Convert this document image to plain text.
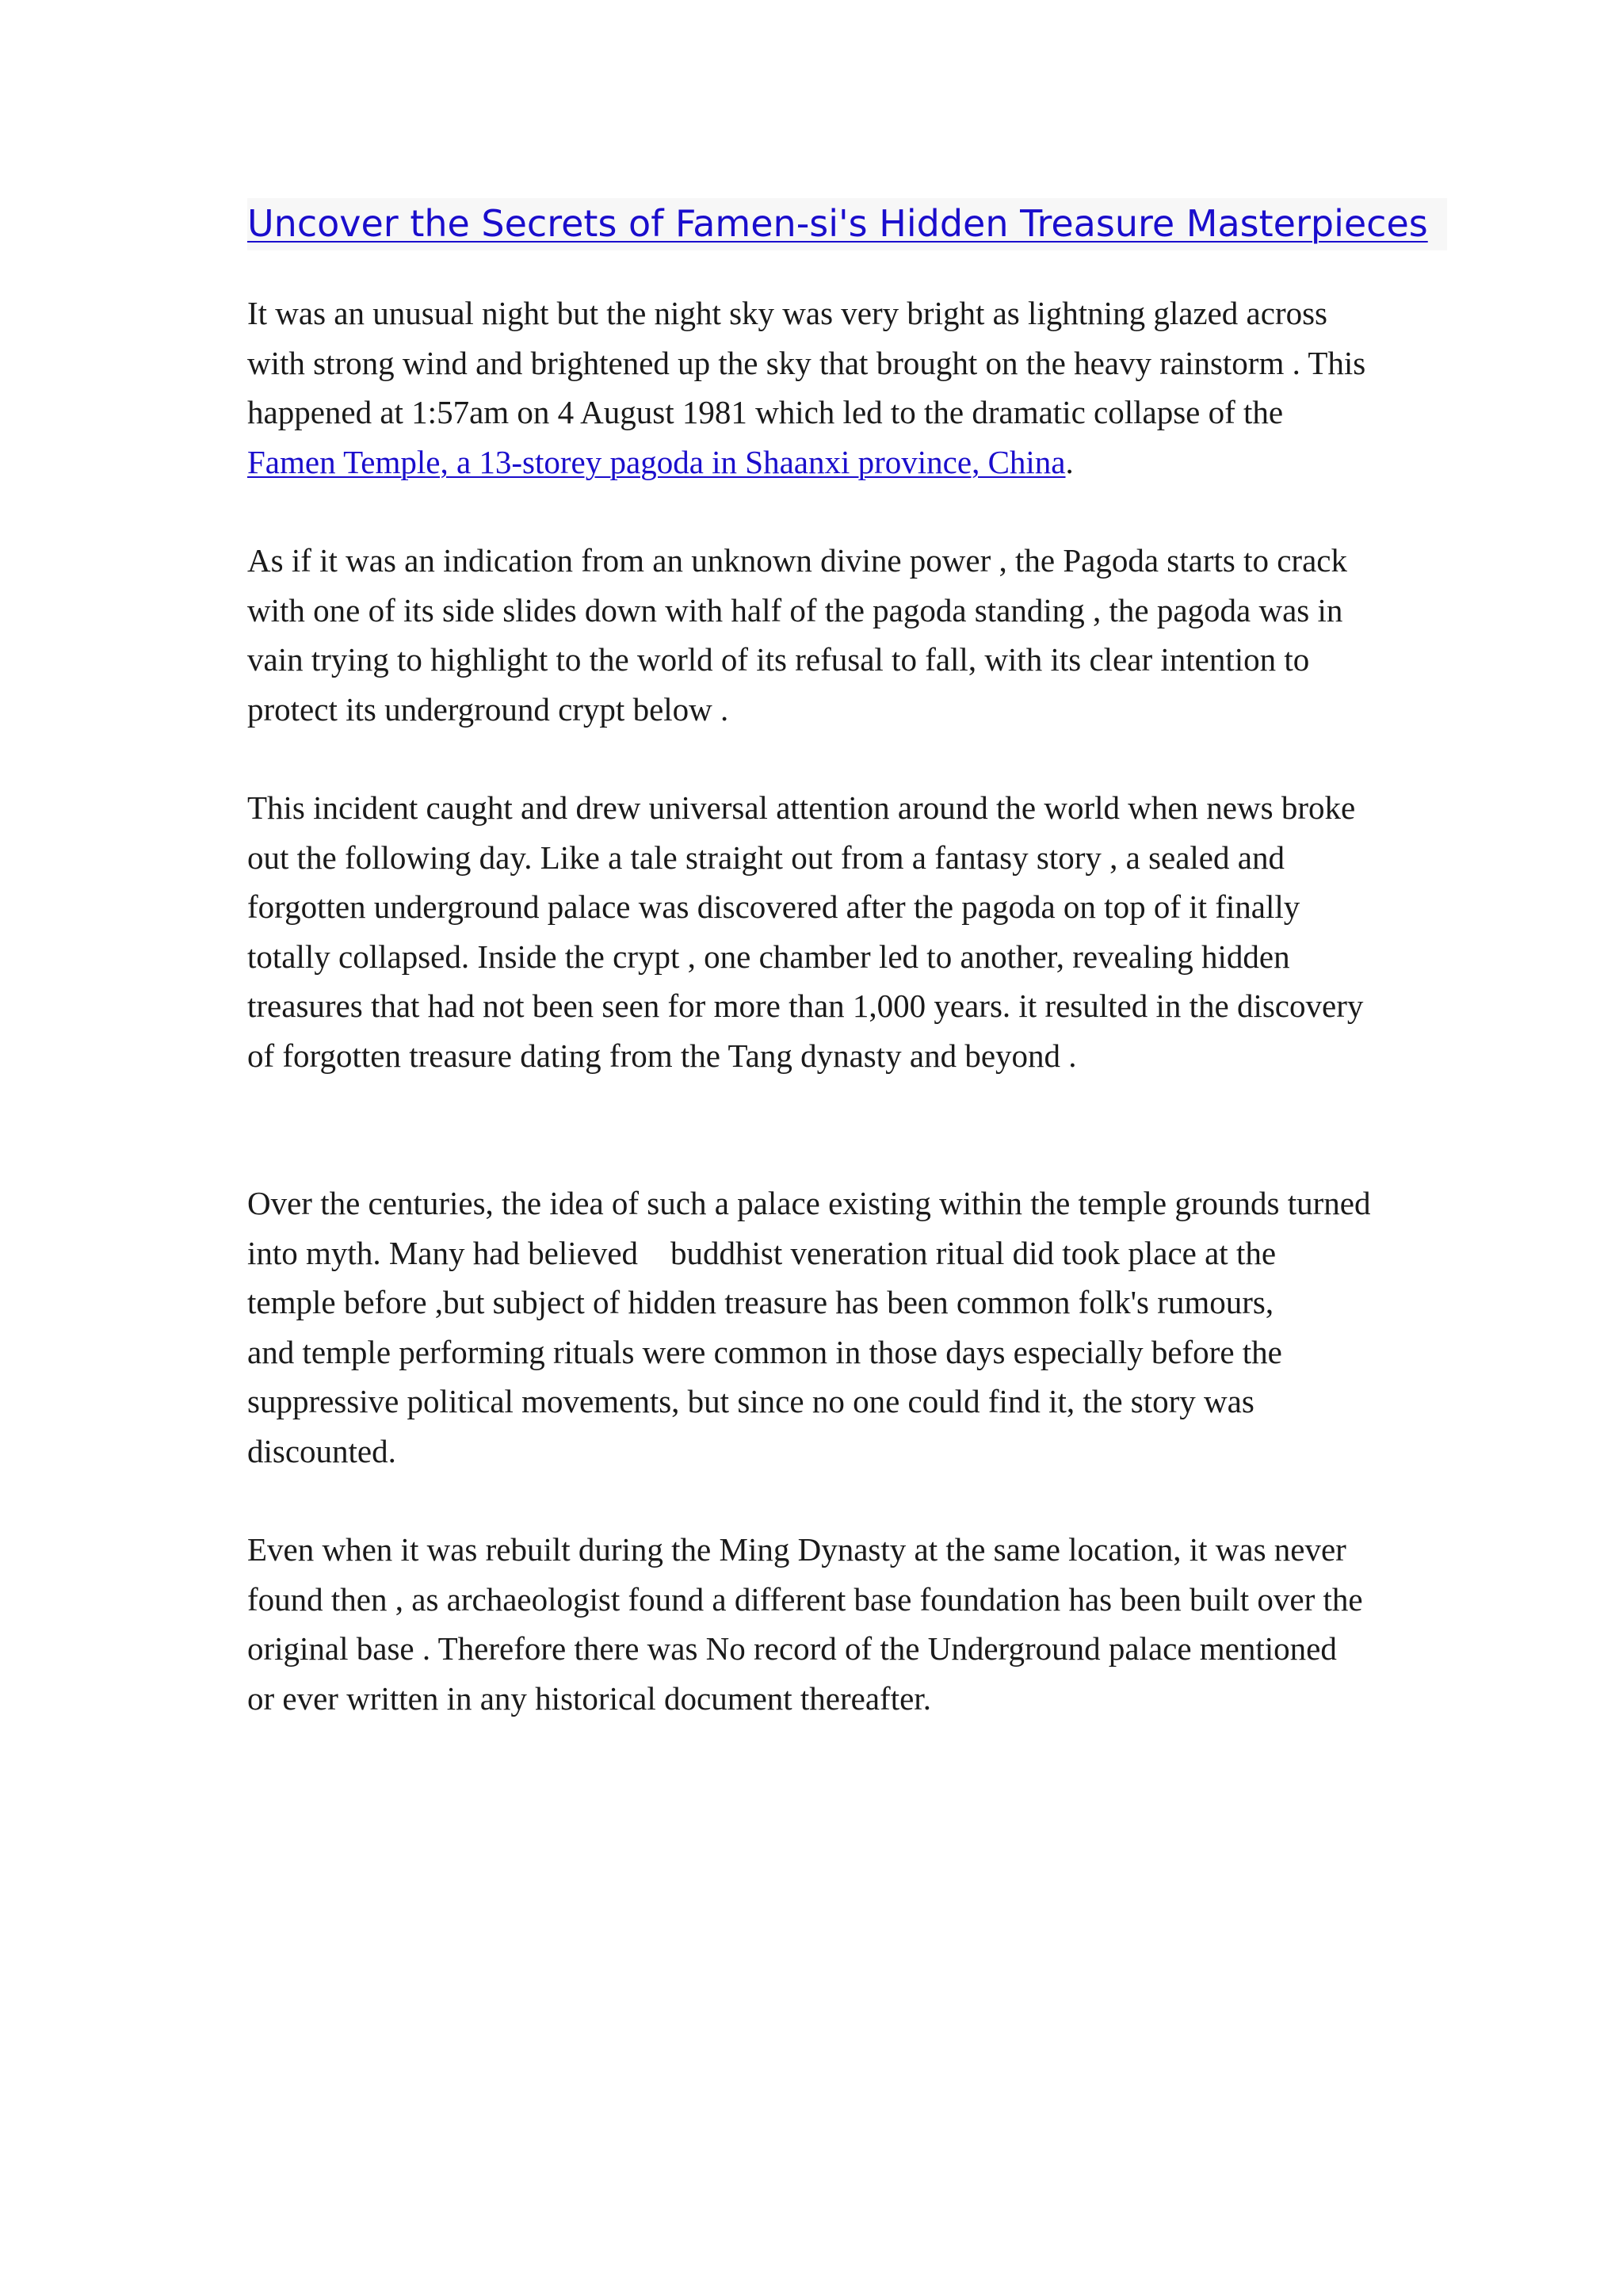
Uncover the Secrets of Famen-si's Hidden Treasure Masterpieces

It was an unusual night but the night sky was very bright as lightning glazed across
with strong wind and brightened up the sky that brought on the heavy rainstorm . This
happened at 1:57am on 4 August 1981 which led to the dramatic collapse of the
Famen Temple, a 13-storey pagoda in Shaanxi province, China.

As if it was an indication from an unknown divine power , the Pagoda starts to crack
with one of its side slides down with half of the pagoda standing , the pagoda was in
vain trying to highlight to the world of its refusal to fall, with its clear intention to
protect its underground crypt below .

This incident caught and drew universal attention around the world when news broke
out the following day. Like a tale straight out from a fantasy story , a sealed and
forgotten underground palace was discovered after the pagoda on top of it finally
totally collapsed. Inside the crypt , one chamber led to another, revealing hidden
treasures that had not been seen for more than 1,000 years. it resulted in the discovery
of forgotten treasure dating from the Tang dynasty and beyond .

Over the centuries, the idea of such a palace existing within the temple grounds turned
into myth. Many had believed    buddhist veneration ritual did took place at the
temple before ,but subject of hidden treasure has been common folk's rumours,
and temple performing rituals were common in those days especially before the
suppressive political movements, but since no one could find it, the story was
discounted.

Even when it was rebuilt during the Ming Dynasty at the same location, it was never
found then , as archaeologist found a different base foundation has been built over the
original base . Therefore there was No record of the Underground palace mentioned
or ever written in any historical document thereafter.
